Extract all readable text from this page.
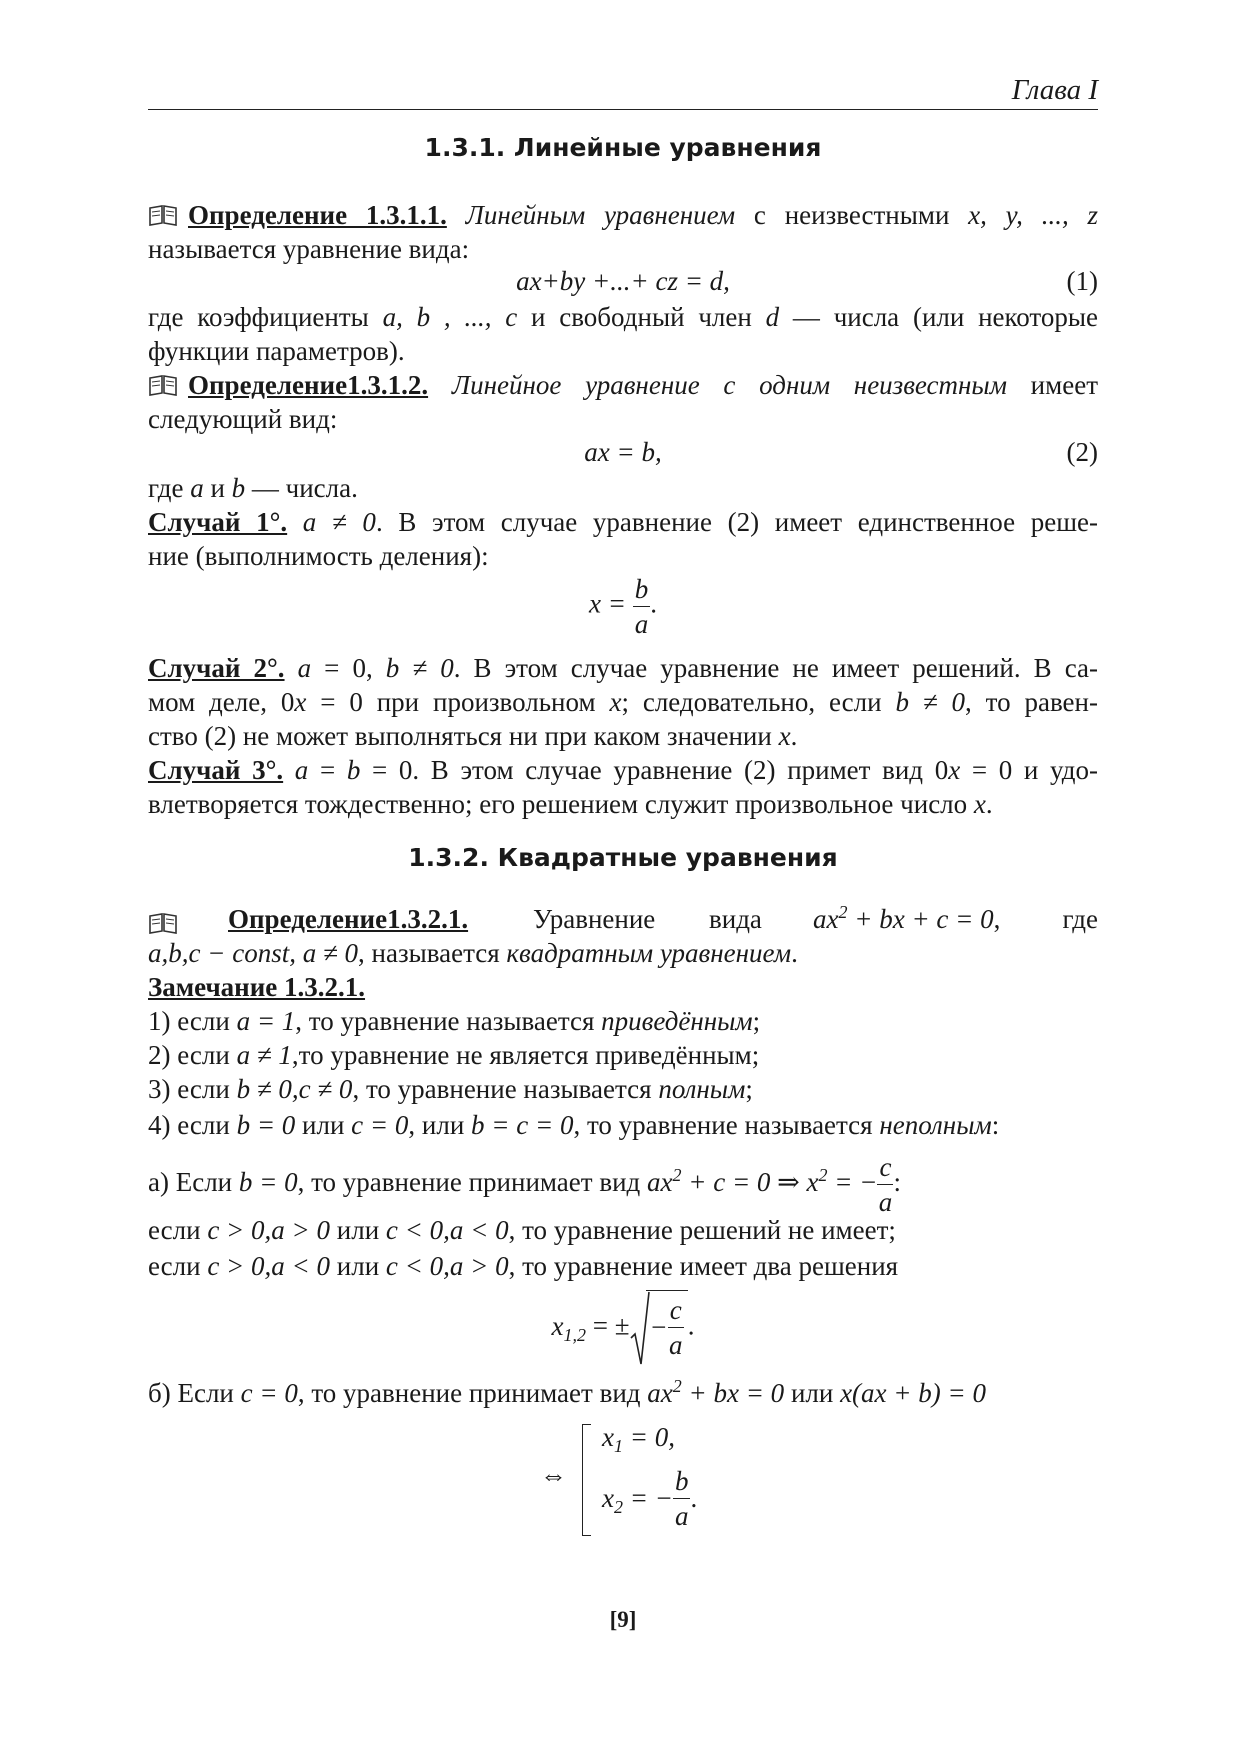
Глава I
1.3.1. Линейные уравнения
Определение 1.3.1.1. Линейным уравнением с неизвестными x, y, ..., z
называется уравнение вида:
ax+by +...+ cz = d,	(1)
где коэффициенты a, b , ..., c и свободный член d — числа (или некоторые
функции параметров).
Определение1.3.1.2. Линейное уравнение с одним неизвестным имеет
следующий вид:
ax = b,	(2)
где a и b — числа.
Случай 1°. a ≠ 0. В этом случае уравнение (2) имеет единственное реше-
ние (выполнимость деления):
$x = \frac{b}{a}$ .
Случай 2°. a = 0, b ≠ 0. В этом случае уравнение не имеет решений. В са-
мом деле, 0x = 0 при произвольном x; следовательно, если b ≠ 0, то равен-
ство (2) не может выполняться ни при каком значении x.
Случай 3°. a = b = 0. В этом случае уравнение (2) примет вид 0x = 0 и удо-
влетворяется тождественно; его решением служит произвольное число x.
1.3.2. Квадратные уравнения
Определение1.3.2.1. Уравнение вида $ax^2$ + bx + c = 0, где
a,b,c − const, a ≠ 0, называется квадратным уравнением.
Замечание 1.3.2.1.
1) если a = 1, то уравнение называется приведённым;
2) если a ≠ 1,то уравнение не является приведённым;
3) если b ≠ 0,c ≠ 0, то уравнение называется полным;
4) если b = 0 или c = 0, или b = c = 0, то уравнение называется неполным:
а) Если b = 0, то уравнение принимает вид $ax^2 + c = 0$ ⇒ $x^2$ = − $\frac{c}{a}$ :
если c > 0,a > 0 или c < 0,a < 0, то уравнение решений не имеет;
если c > 0,a < 0 или c < 0,a > 0, то уравнение имеет два решения
$x_{1,2}$ = ± − $\frac{c}{a}$ .
б) Если c = 0, то уравнение принимает вид $ax^2$ + bx = 0 или x(ax + b) = 0
⇔
$x_1 = 0$,
$x_2$ = − $\frac{b}{a}$ .
[9]
